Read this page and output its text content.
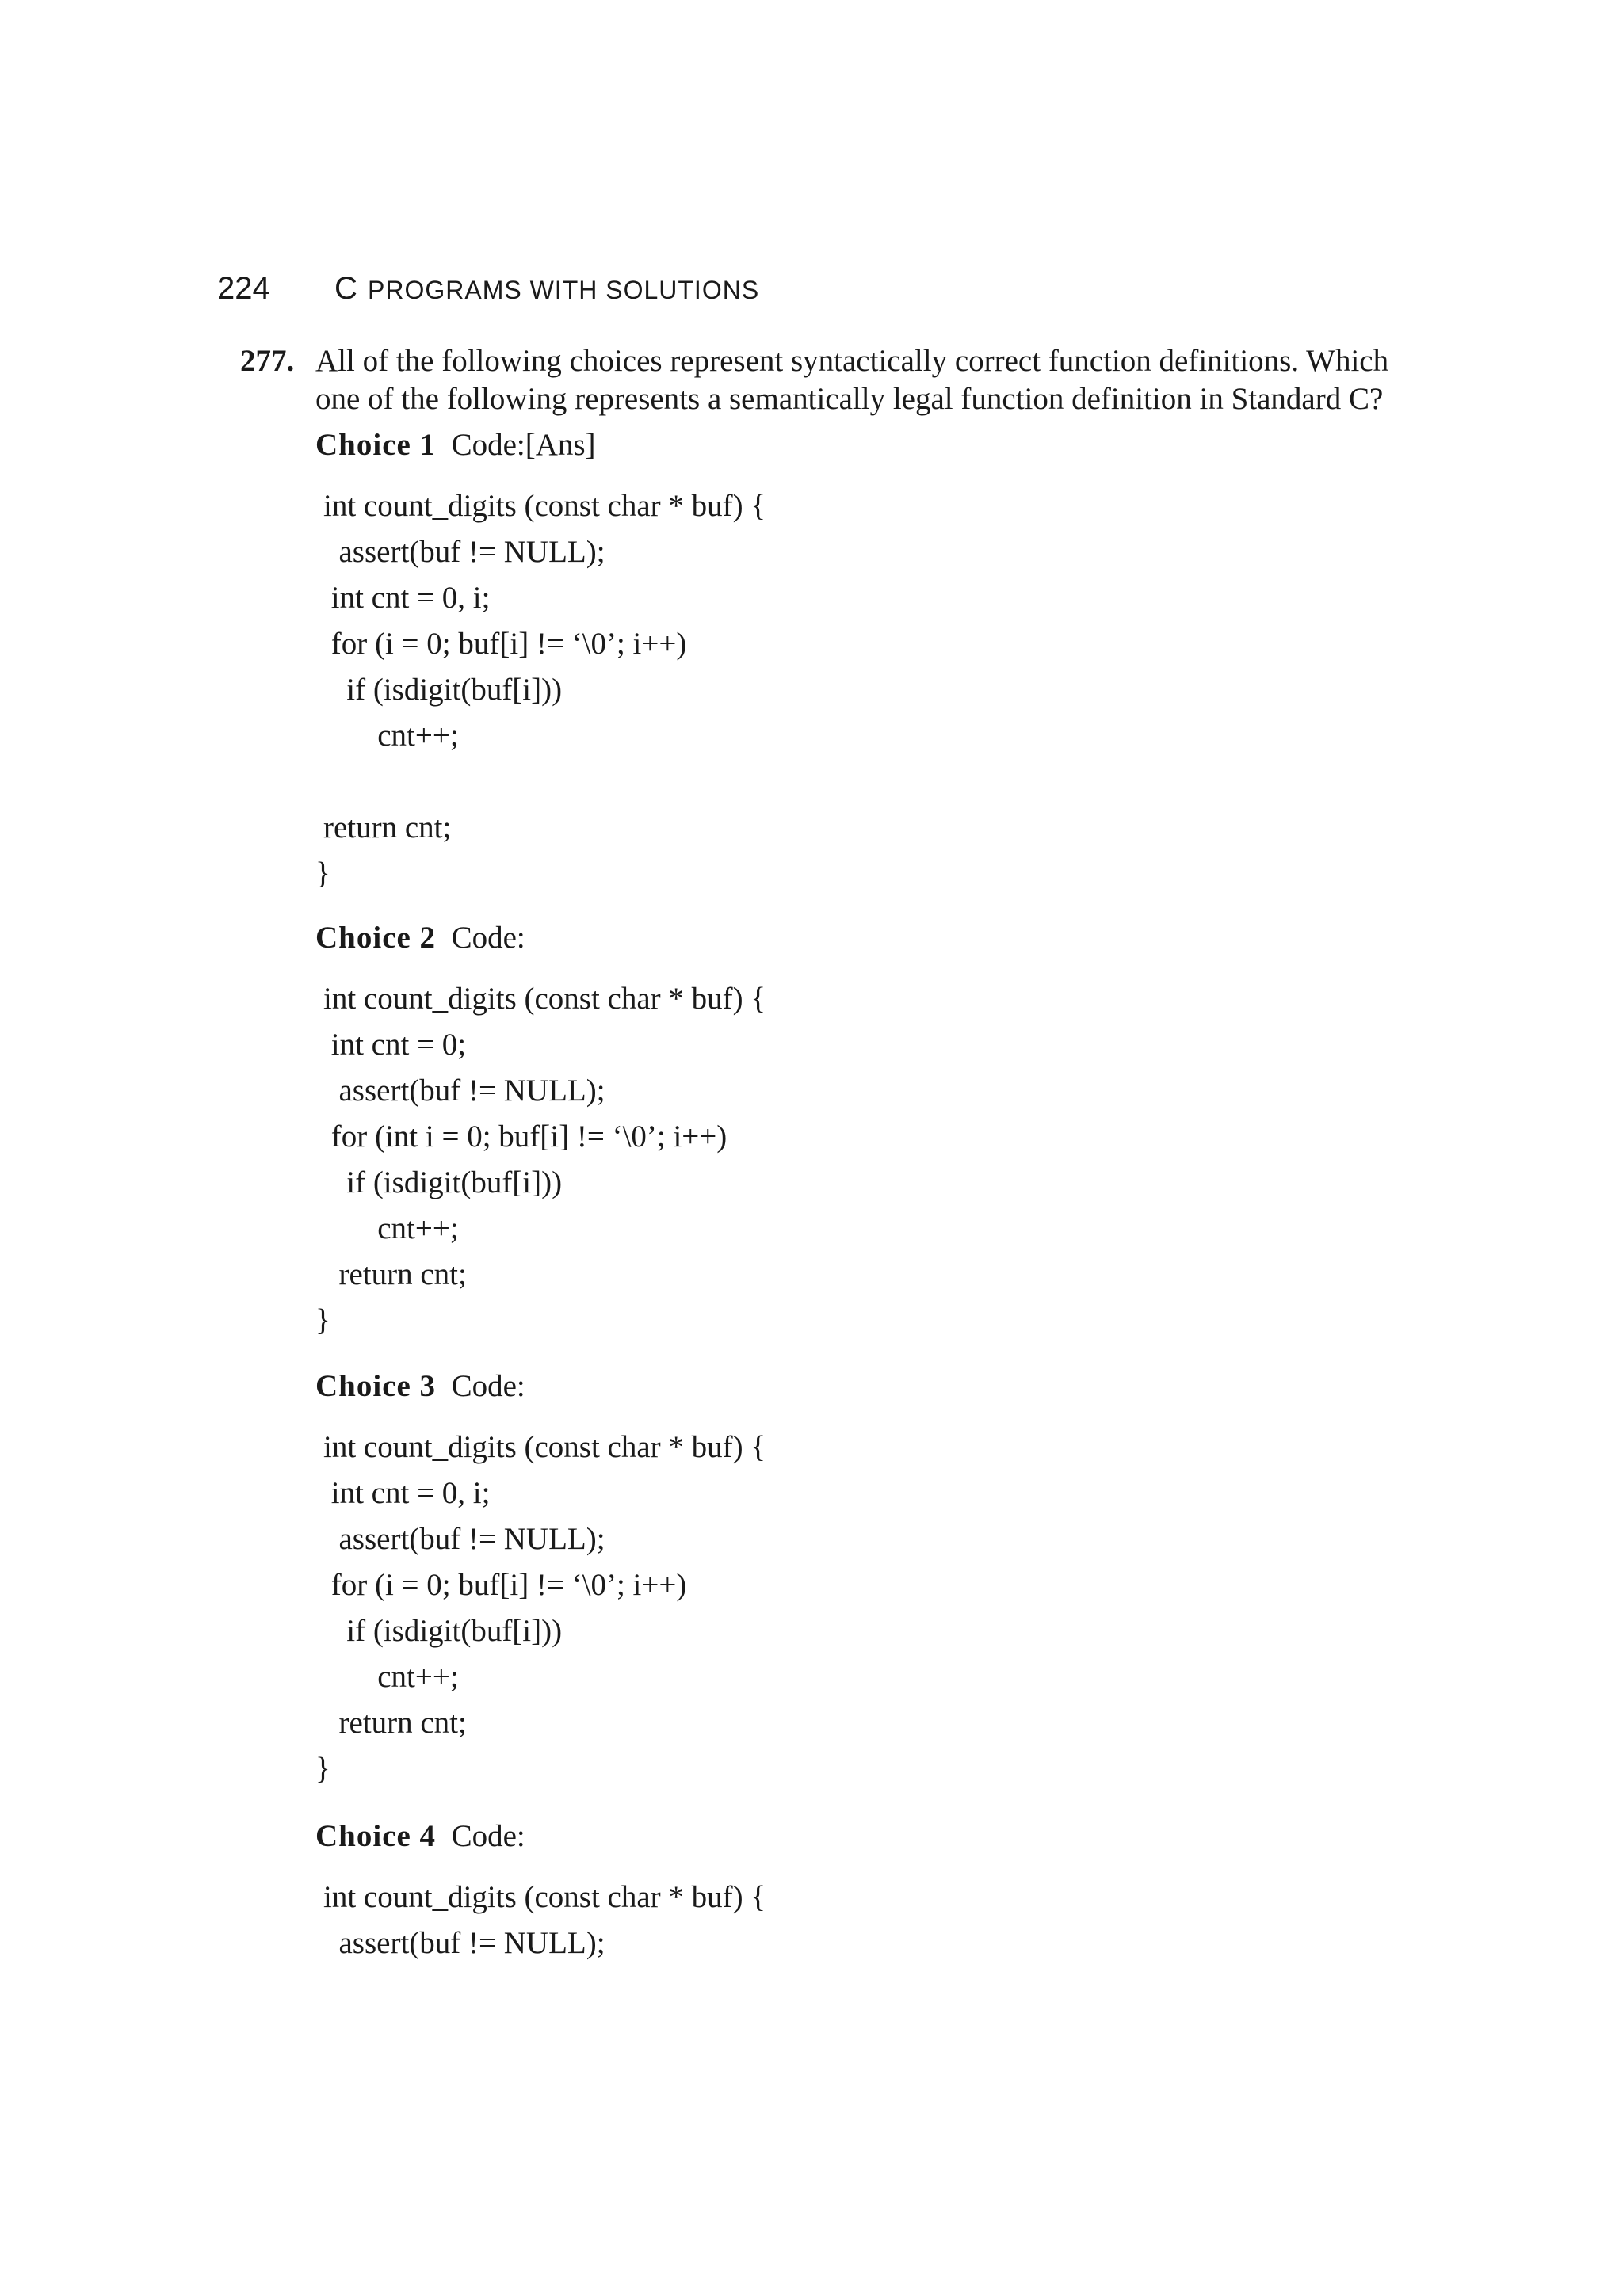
224	C PROGRAMS WITH SOLUTIONS
277. All of the following choices represent syntactically correct function definitions. Which one of the following represents a semantically legal function definition in Standard C?
Choice 1 Code:[Ans]
int count_digits (const char * buf) {
assert(buf != NULL);
int cnt = 0, i;
for (i = 0; buf[i] != ‘\0’; i++)
if (isdigit(buf[i]))
cnt++;
return cnt;
}
Choice 2 Code:
int count_digits (const char * buf) {
int cnt = 0;
assert(buf != NULL);
for (int i = 0; buf[i] != ‘\0’; i++)
if (isdigit(buf[i]))
cnt++;
return cnt;
}
Choice 3 Code:
int count_digits (const char * buf) {
int cnt = 0, i;
assert(buf != NULL);
for (i = 0; buf[i] != ‘\0’; i++)
if (isdigit(buf[i]))
cnt++;
return cnt;
}
Choice 4 Code:
int count_digits (const char * buf) {
assert(buf != NULL);
